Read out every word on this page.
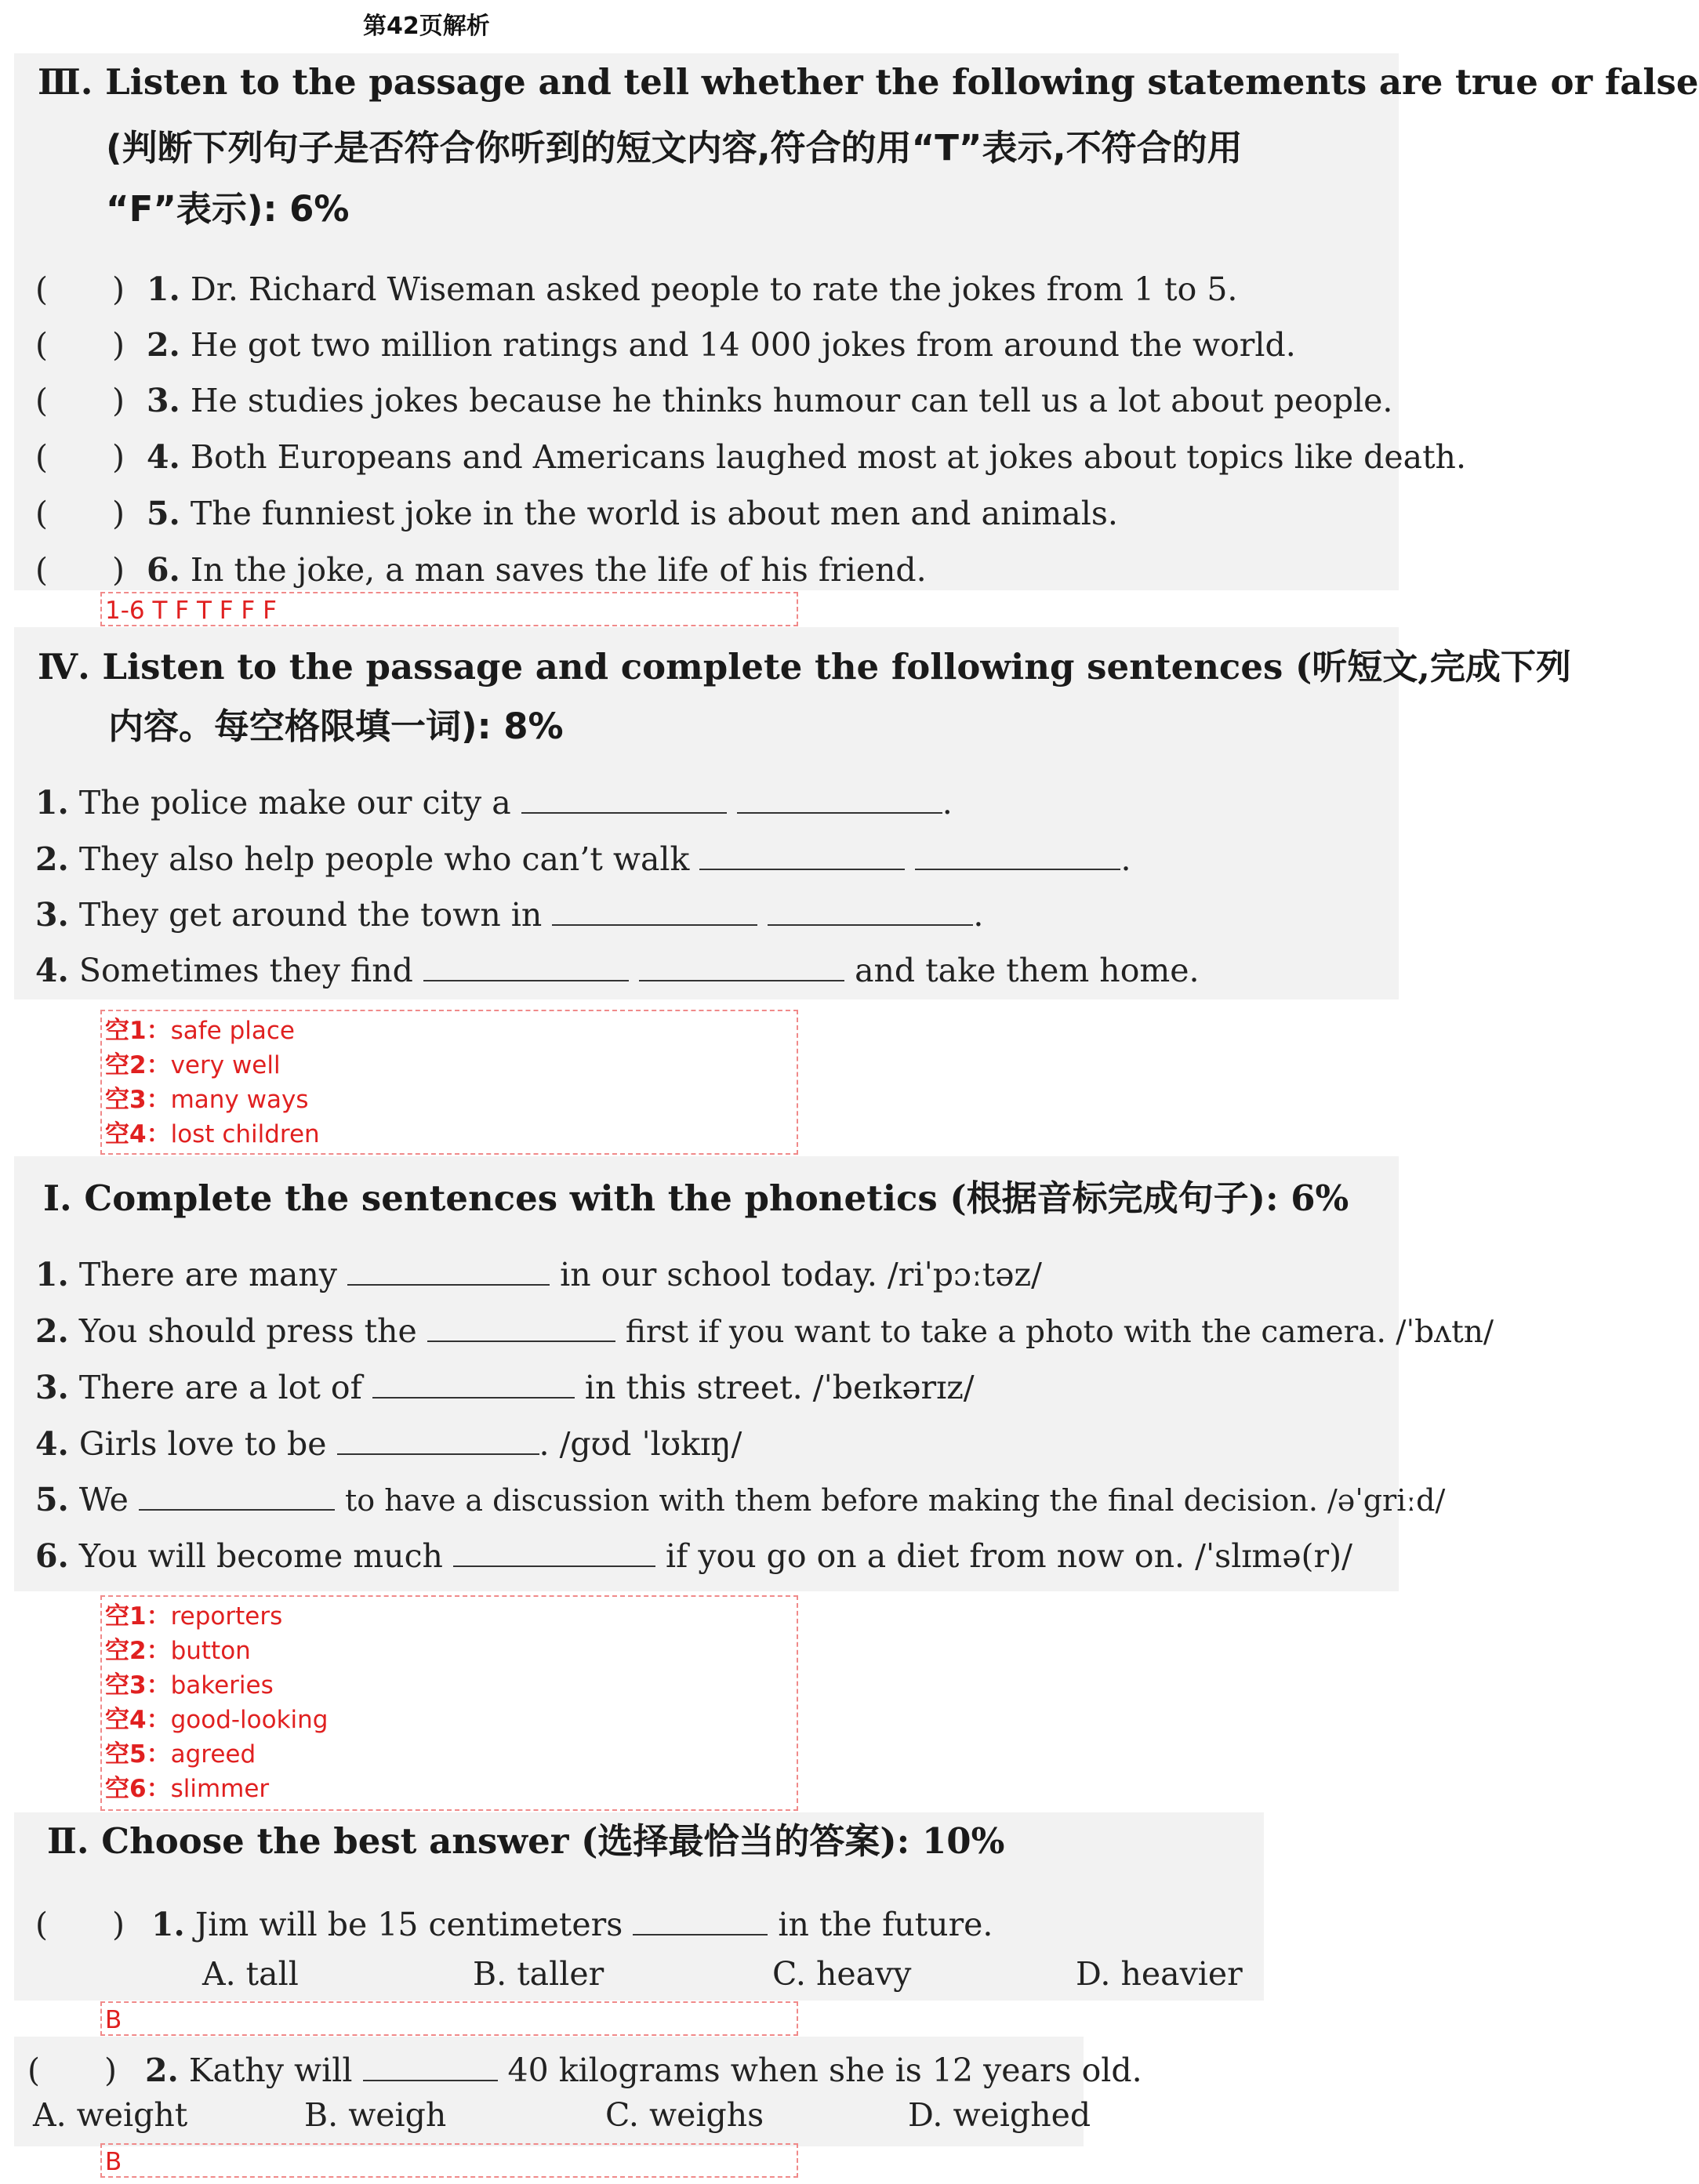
第42页解析
Ⅲ. Listen to the passage and tell whether the following statements are true or false
(判断下列句子是否符合你听到的短文内容,符合的用“T”表示,不符合的用
“F”表示): 6%
(　　) 1. Dr. Richard Wiseman asked people to rate the jokes from 1 to 5.
(　　) 2. He got two million ratings and 14 000 jokes from around the world.
(　　) 3. He studies jokes because he thinks humour can tell us a lot about people.
(　　) 4. Both Europeans and Americans laughed most at jokes about topics like death.
(　　) 5. The funniest joke in the world is about men and animals.
(　　) 6. In the joke, a man saves the life of his friend.
1-6 T F T F F F
Ⅳ. Listen to the passage and complete the following sentences (听短文,完成下列
内容。每空格限填一词): 8%
1. The police make our city a	.
2. They also help people who can’t walk	.
3. They get around the town in	.
4. Sometimes they find	and take them home.
空1：safe place
空2：very well
空3：many ways
空4：lost children
Ⅰ. Complete the sentences with the phonetics (根据音标完成句子): 6%
1. There are many	in our school today. /riˈpɔːtəz/
2. You should press the	first if you want to take a photo with the camera. /ˈbʌtn/
3. There are a lot of	in this street. /ˈbeɪkərɪz/
4. Girls love to be	. /gʊd ˈlʊkɪŋ/
5. We	to have a discussion with them before making the final decision. /əˈgriːd/
6. You will become much	if you go on a diet from now on. /ˈslɪmə(r)/
空1：reporters
空2：button
空3：bakeries
空4：good-looking
空5：agreed
空6：slimmer
Ⅱ. Choose the best answer (选择最恰当的答案): 10%
(　　) 1. Jim will be 15 centimeters	in the future.
A. tall	B. taller	C. heavy	D. heavier
B
(　　) 2. Kathy will	40 kilograms when she is 12 years old.
A. weight	B. weigh	C. weighs	D. weighed
B
